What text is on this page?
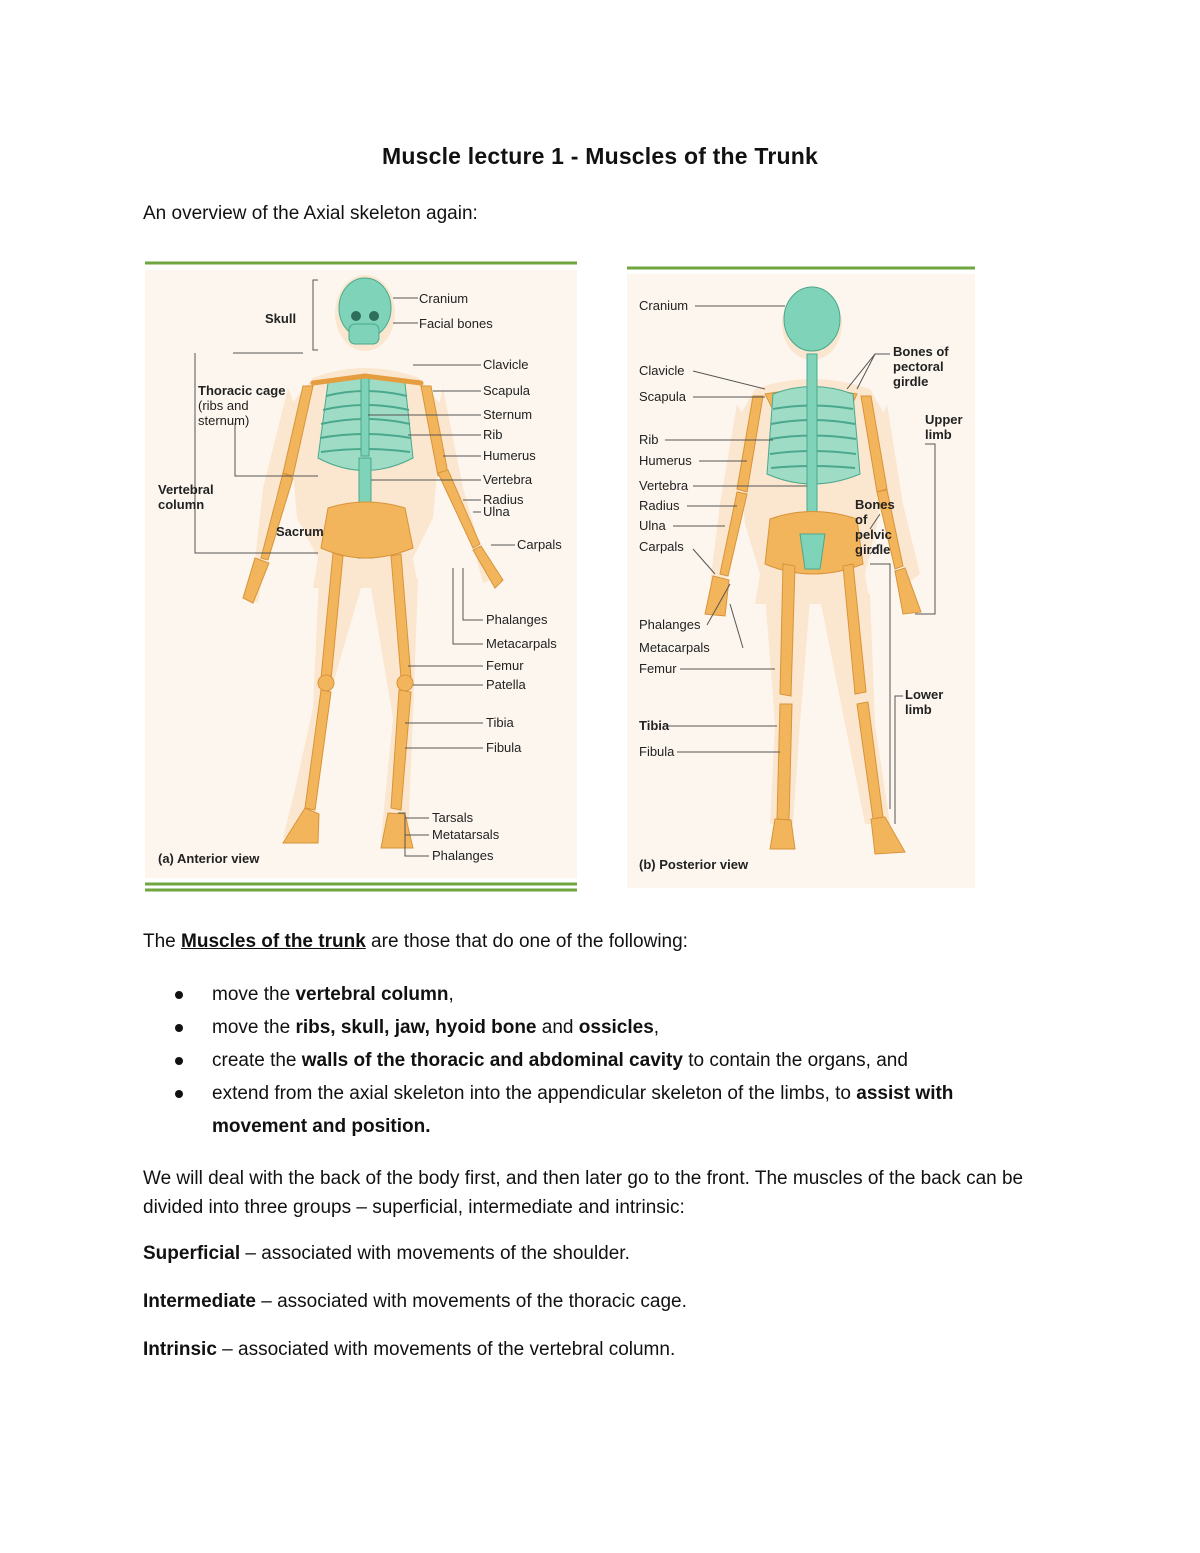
Muscle lecture 1 - Muscles of the Trunk
An overview of the Axial skeleton again:
Skull
Thoracic cage
(ribs and
sternum)
Vertebral
column
Sacrum
Cranium
Facial bones
Clavicle
Scapula
Sternum
Rib
Humerus
Vertebra
Radius
Ulna
Carpals
Phalanges
Metacarpals
Femur
Patella
Tibia
Fibula
Tarsals
Metatarsals
Phalanges
(a) Anterior view
Cranium
Clavicle
Scapula
Rib
Humerus
Vertebra
Radius
Ulna
Carpals
Phalanges
Metacarpals
Femur
Tibia
Fibula
Bones of
pectoral
girdle
Upper
limb
Bones
of
pelvic
girdle
Lower
limb
(b) Posterior view
The Muscles of the trunk are those that do one of the following:
move the vertebral column,
move the ribs, skull, jaw, hyoid bone and ossicles,
create the walls of the thoracic and abdominal cavity to contain the organs, and
extend from the axial skeleton into the appendicular skeleton of the limbs, to assist with movement and position.
We will deal with the back of the body first, and then later go to the front. The muscles of the back can be divided into three groups – superficial, intermediate and intrinsic:
Superficial – associated with movements of the shoulder.
Intermediate – associated with movements of the thoracic cage.
Intrinsic – associated with movements of the vertebral column.
